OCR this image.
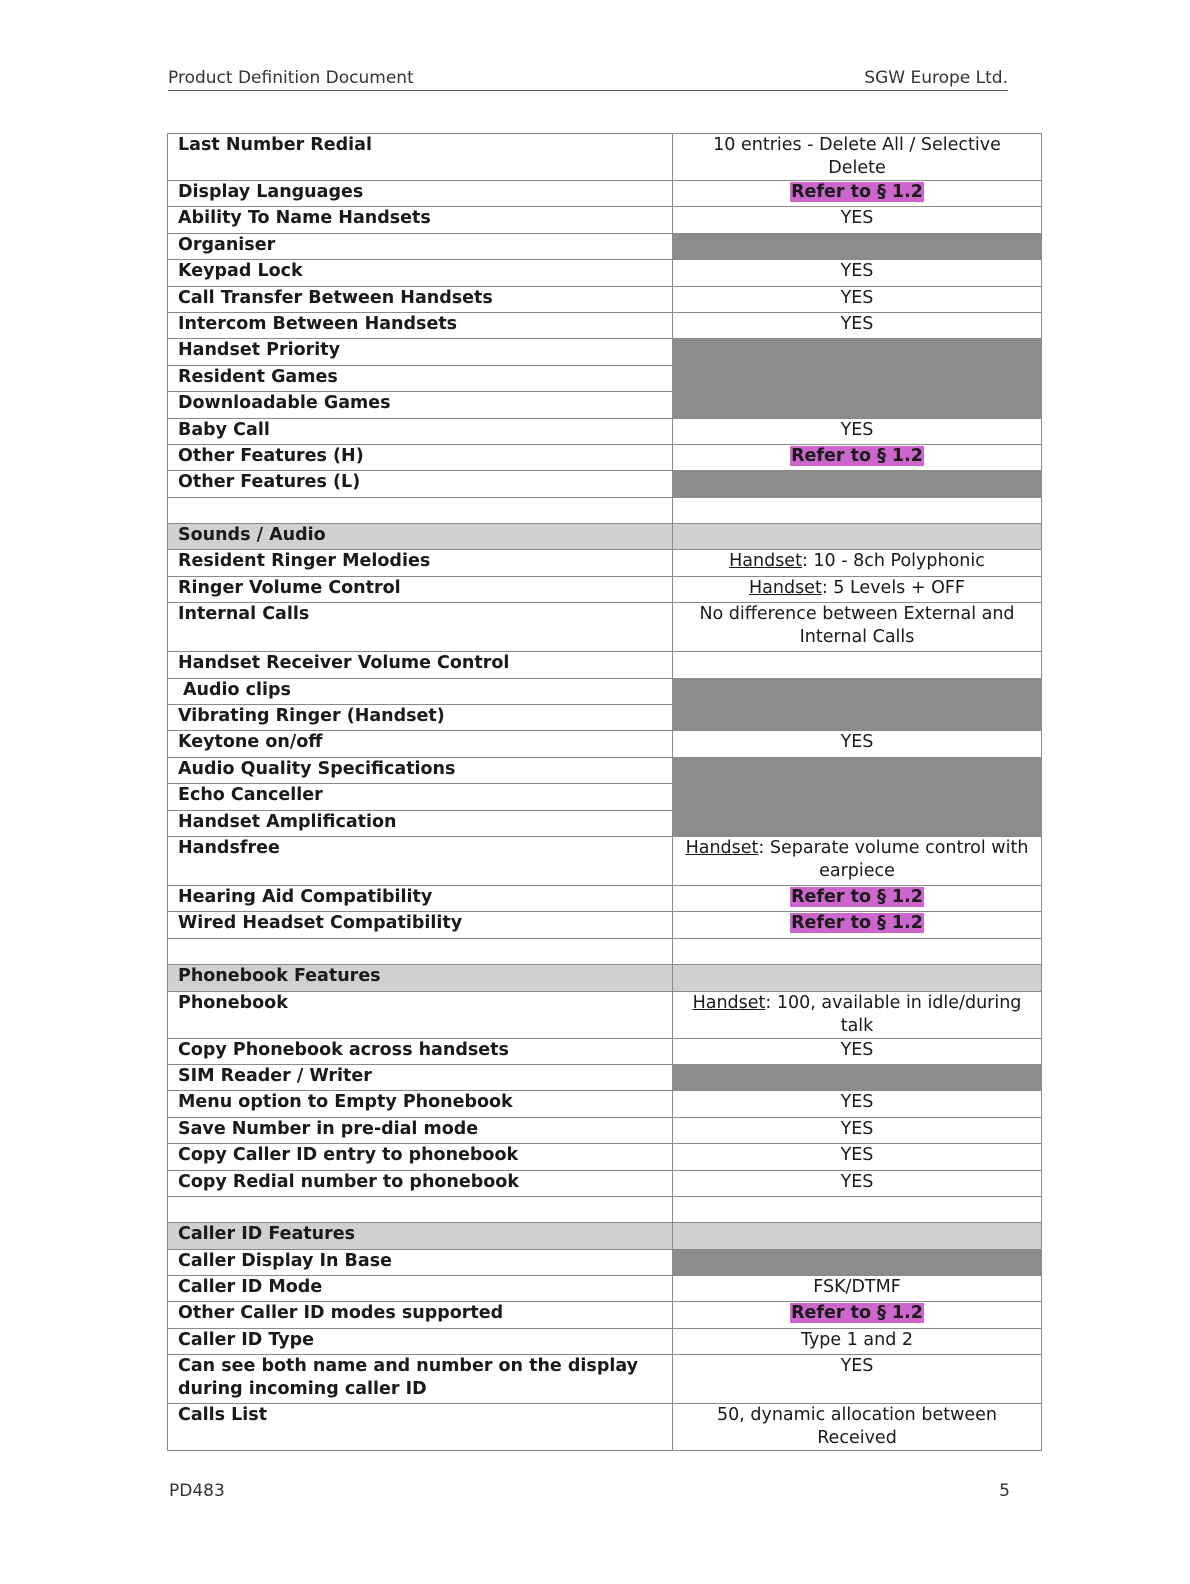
Product Definition Document	SGW Europe Ltd.
Last Number Redial	10 entries - Delete All / Selective Delete
Display Languages	Refer to § 1.2
Ability To Name Handsets	YES
Organiser	
Keypad Lock	YES
Call Transfer Between Handsets	YES
Intercom Between Handsets	YES
Handset Priority	
Resident Games	
Downloadable Games	
Baby Call	YES
Other Features (H)	Refer to § 1.2
Other Features (L)	

Sounds / Audio	
Resident Ringer Melodies	Handset: 10 - 8ch Polyphonic
Ringer Volume Control	Handset: 5 Levels + OFF
Internal Calls	No difference between External and Internal Calls
Handset Receiver Volume Control	
Audio clips	
Vibrating Ringer (Handset)	
Keytone on/off	YES
Audio Quality Specifications	
Echo Canceller	
Handset Amplification	
Handsfree	Handset: Separate volume control with earpiece
Hearing Aid Compatibility	Refer to § 1.2
Wired Headset Compatibility	Refer to § 1.2

Phonebook Features	
Phonebook	Handset: 100, available in idle/during talk
Copy Phonebook across handsets	YES
SIM Reader / Writer	
Menu option to Empty Phonebook	YES
Save Number in pre-dial mode	YES
Copy Caller ID entry to phonebook	YES
Copy Redial number to phonebook	YES

Caller ID Features	
Caller Display In Base	
Caller ID Mode	FSK/DTMF
Other Caller ID modes supported	Refer to § 1.2
Caller ID Type	Type 1 and 2
Can see both name and number on the display during incoming caller ID	YES
Calls List	50, dynamic allocation between Received
PD483	5
